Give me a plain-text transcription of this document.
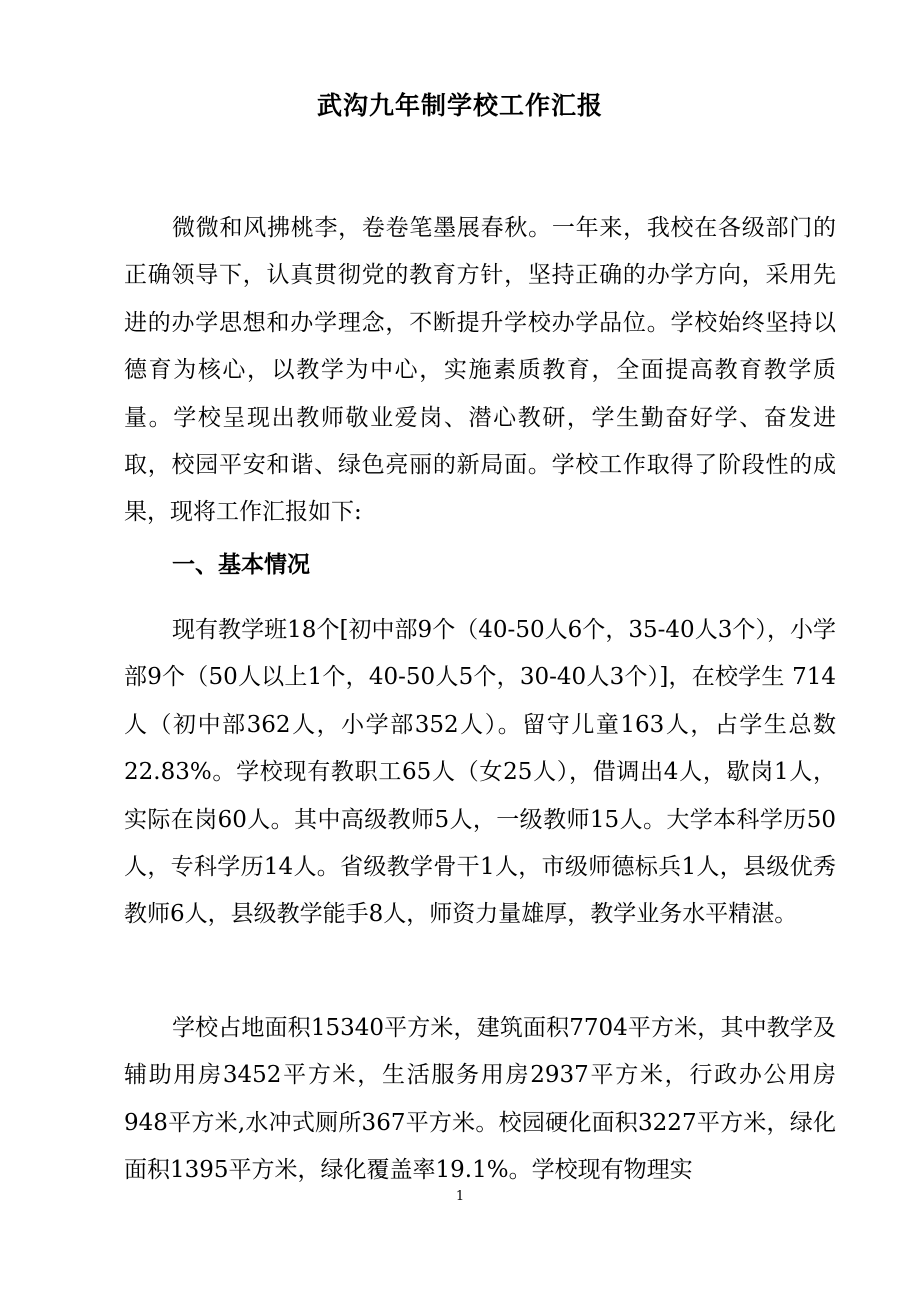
武沟九年制学校工作汇报
微微和风拂桃李，卷卷笔墨展春秋。一年来，我校在各级部门的正确领导下，认真贯彻党的教育方针，坚持正确的办学方向，采用先进的办学思想和办学理念，不断提升学校办学品位。学校始终坚持以德育为核心，以教学为中心，实施素质教育，全面提高教育教学质量。学校呈现出教师敬业爱岗、潜心教研，学生勤奋好学、奋发进取，校园平安和谐、绿色亮丽的新局面。学校工作取得了阶段性的成果，现将工作汇报如下:
一、基本情况
现有教学班18个[初中部9个（40-50人6个，35-40人3个），小学部9个（50人以上1个，40-50人5个，30-40人3个）]，在校学生 714人（初中部362人，小学部352人）。留守儿童163人，占学生总数22.83%。学校现有教职工65人（女25人），借调出4人，歇岗1人，实际在岗60人。其中高级教师5人，一级教师15人。大学本科学历50人，专科学历14人。省级教学骨干1人，市级师德标兵1人，县级优秀教师6人，县级教学能手8人，师资力量雄厚，教学业务水平精湛。
学校占地面积15340平方米，建筑面积7704平方米，其中教学及辅助用房3452平方米，生活服务用房2937平方米，行政办公用房948平方米,水冲式厕所367平方米。校园硬化面积3227平方米，绿化面积1395平方米，绿化覆盖率19.1%。学校现有物理实
1
